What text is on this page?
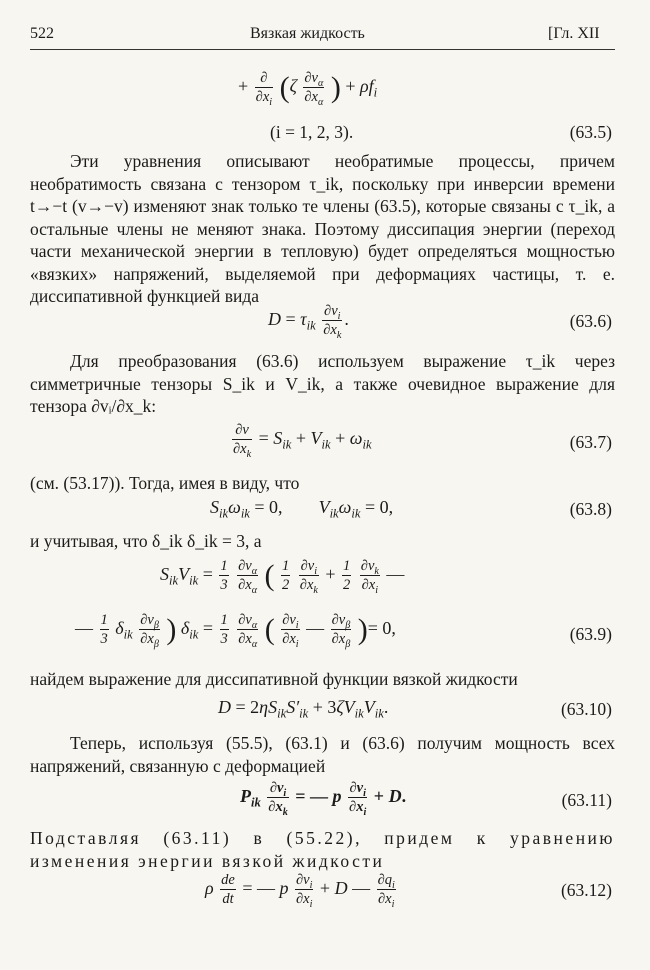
522	Вязкая жидкость	[Гл. XII
+ $\frac{\partial}{\partial x_i} (\zeta \frac{\partial v_\alpha}{\partial x_\alpha}$ ) + $\rho f_i$
(i = 1, 2, 3).	(63.5)

Эти уравнения описывают необратимые процессы, причем необратимость связана с тензором τ_ik, поскольку при инверсии времени t→−t (v→−v) изменяют знак только те члены (63.5), которые связаны с τ_ik, а остальные члены не меняют знака. Поэтому диссипация энергии (переход части механической энергии в тепловую) будет определяться мощностью «вязких» напряжений, выделяемой при деформациях частицы, т. е. диссипативной функцией вида

$D = \tau_{ik} \frac{\partial v_i}{\partial x_k}$ .	(63.6)

Для преобразования (63.6) используем выражение τ_ik через симметричные тензоры S_ik и V_ik, а также очевидное выражение для тензора ∂vᵢ/∂x_k:

$\frac{\partial v}{\partial x_k} = S_{ik} + V_{ik} + \omega_{ik}$	(63.7)

(см. (53.17)). Тогда, имея в виду, что

$S_{ik}\omega_{ik} = 0$,        $V_{ik}\omega_{ik} = 0$,	(63.8)

и учитывая, что δ_ik δ_ik = 3, а

$S_{ik}V_{ik} = \frac{1}{3}$
$\frac{\partial v_\alpha}{\partial x_\alpha}$ ( $\frac{1}{2}$
$\frac{\partial v_i}{\partial x_k} + \frac{1}{2}$
$\frac{\partial v_k}{\partial x_i}$ —
— $\frac{1}{3} \delta_{ik} \frac{\partial v_\beta}{\partial x_\beta}$ ) $\delta_{ik} = \frac{1}{3}$
$\frac{\partial v_\alpha}{\partial x_\alpha}$ ( $\frac{\partial v_i}{\partial x_i}$ — $\frac{\partial v_\beta}{\partial x_\beta}$ )= 0,	(63.9)

найдем выражение для диссипативной функции вязкой жидкости

$D = 2\eta S_{ik}S'_{ik} + 3\zeta V_{ik}V_{ik}$.	(63.10)

Теперь, используя (55.5), (63.1) и (63.6) получим мощность всех напряжений, связанную с деформацией

$P_{ik} \frac{\partial v_i}{\partial x_k}$ = — p $\frac{\partial v_i}{\partial x_i} + D$.	(63.11)

Подставляя (63.11) в (55.22), придем к уравнению изменения энергии вязкой жидкости

ρ $\frac{de}{dt}$ = — p $\frac{\partial v_i}{\partial x_i} + D$ — $\frac{\partial q_i}{\partial x_i}$	(63.12)
